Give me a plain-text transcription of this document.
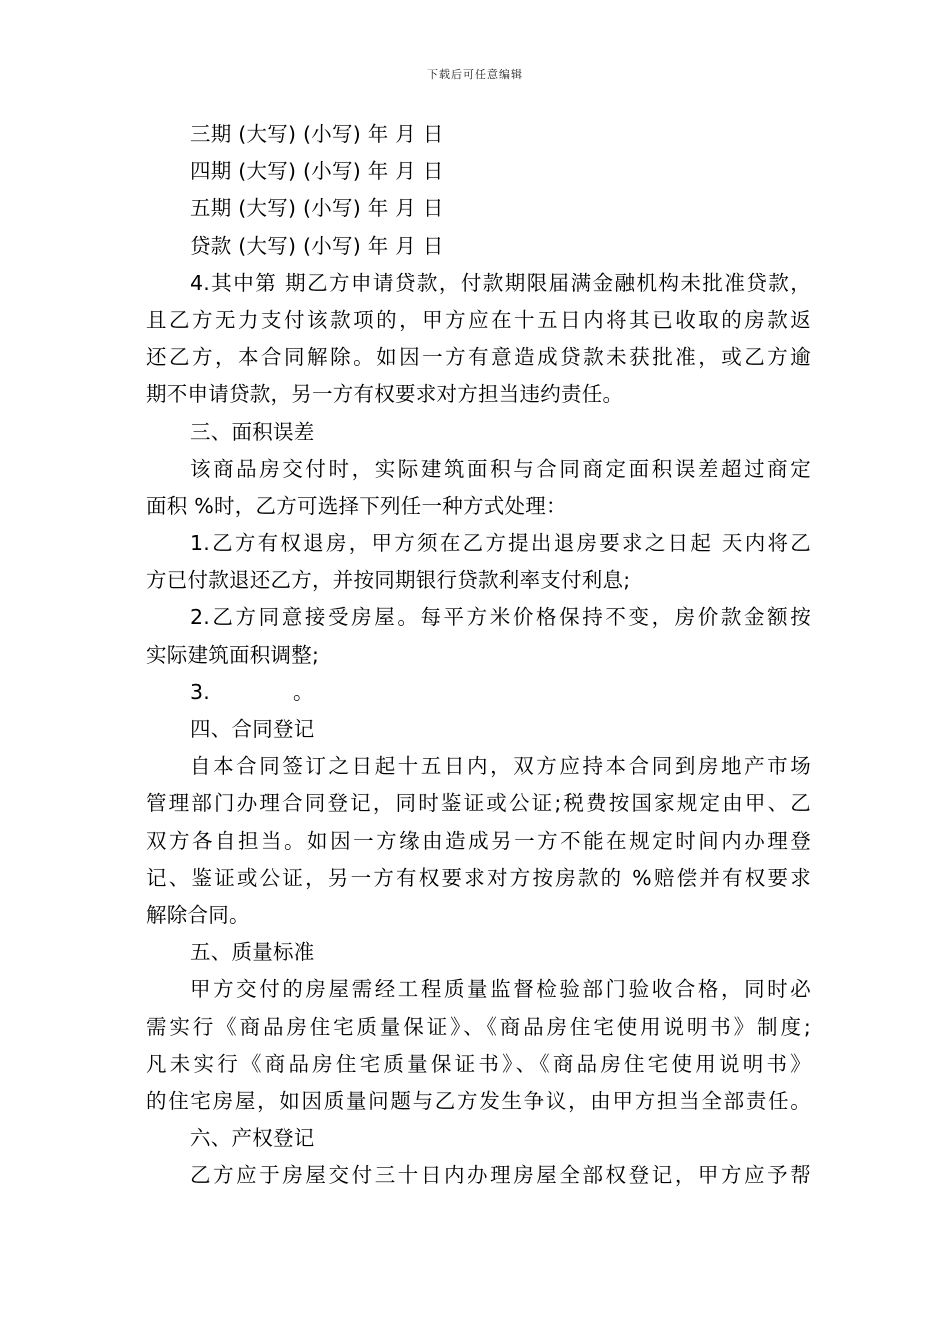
下载后可任意编辑
三期 (大写) (小写) 年 月 日
四期 (大写) (小写) 年 月 日
五期 (大写) (小写) 年 月 日
贷款 (大写) (小写) 年 月 日
4.其中第 期乙方申请贷款，付款期限届满金融机构未批准贷款，
且乙方无力支付该款项的，甲方应在十五日内将其已收取的房款返
还乙方，本合同解除。如因一方有意造成贷款未获批准，或乙方逾
期不申请贷款，另一方有权要求对方担当违约责任。
三、面积误差
该商品房交付时，实际建筑面积与合同商定面积误差超过商定
面积 %时，乙方可选择下列任一种方式处理：
1.乙方有权退房，甲方须在乙方提出退房要求之日起 天内将乙
方已付款退还乙方，并按同期银行贷款利率支付利息;
2.乙方同意接受房屋。每平方米价格保持不变，房价款金额按
实际建筑面积调整;
3.　　　　。
四、合同登记
自本合同签订之日起十五日内，双方应持本合同到房地产市场
管理部门办理合同登记，同时鉴证或公证;税费按国家规定由甲、乙
双方各自担当。如因一方缘由造成另一方不能在规定时间内办理登
记、鉴证或公证，另一方有权要求对方按房款的 %赔偿并有权要求
解除合同。
五、质量标准
甲方交付的房屋需经工程质量监督检验部门验收合格，同时必
需实行《商品房住宅质量保证》、《商品房住宅使用说明书》制度;
凡未实行《商品房住宅质量保证书》、《商品房住宅使用说明书》
的住宅房屋，如因质量问题与乙方发生争议，由甲方担当全部责任。
六、产权登记
乙方应于房屋交付三十日内办理房屋全部权登记，甲方应予帮
